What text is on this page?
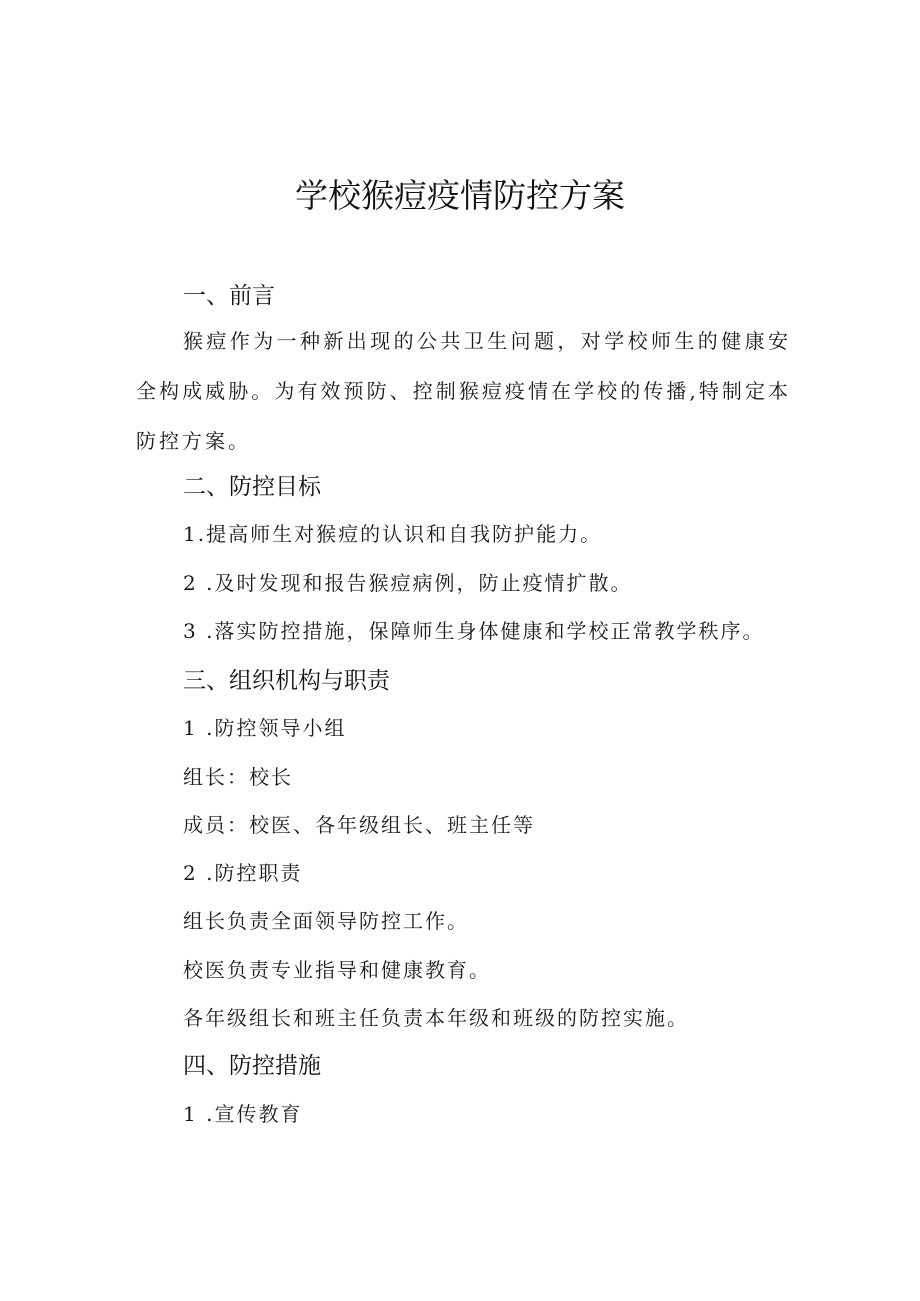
学校猴痘疫情防控方案
一、前言

猴痘作为一种新出现的公共卫生问题，对学校师生的健康安全构成威胁。为有效预防、控制猴痘疫情在学校的传播,特制定本防控方案。

二、防控目标

1.提高师生对猴痘的认识和自我防护能力。

2 .及时发现和报告猴痘病例，防止疫情扩散。

3 .落实防控措施，保障师生身体健康和学校正常教学秩序。

三、组织机构与职责

1 .防控领导小组

组长：校长

成员：校医、各年级组长、班主任等

2 .防控职责

组长负责全面领导防控工作。

校医负责专业指导和健康教育。

各年级组长和班主任负责本年级和班级的防控实施。

四、防控措施

1 .宣传教育
